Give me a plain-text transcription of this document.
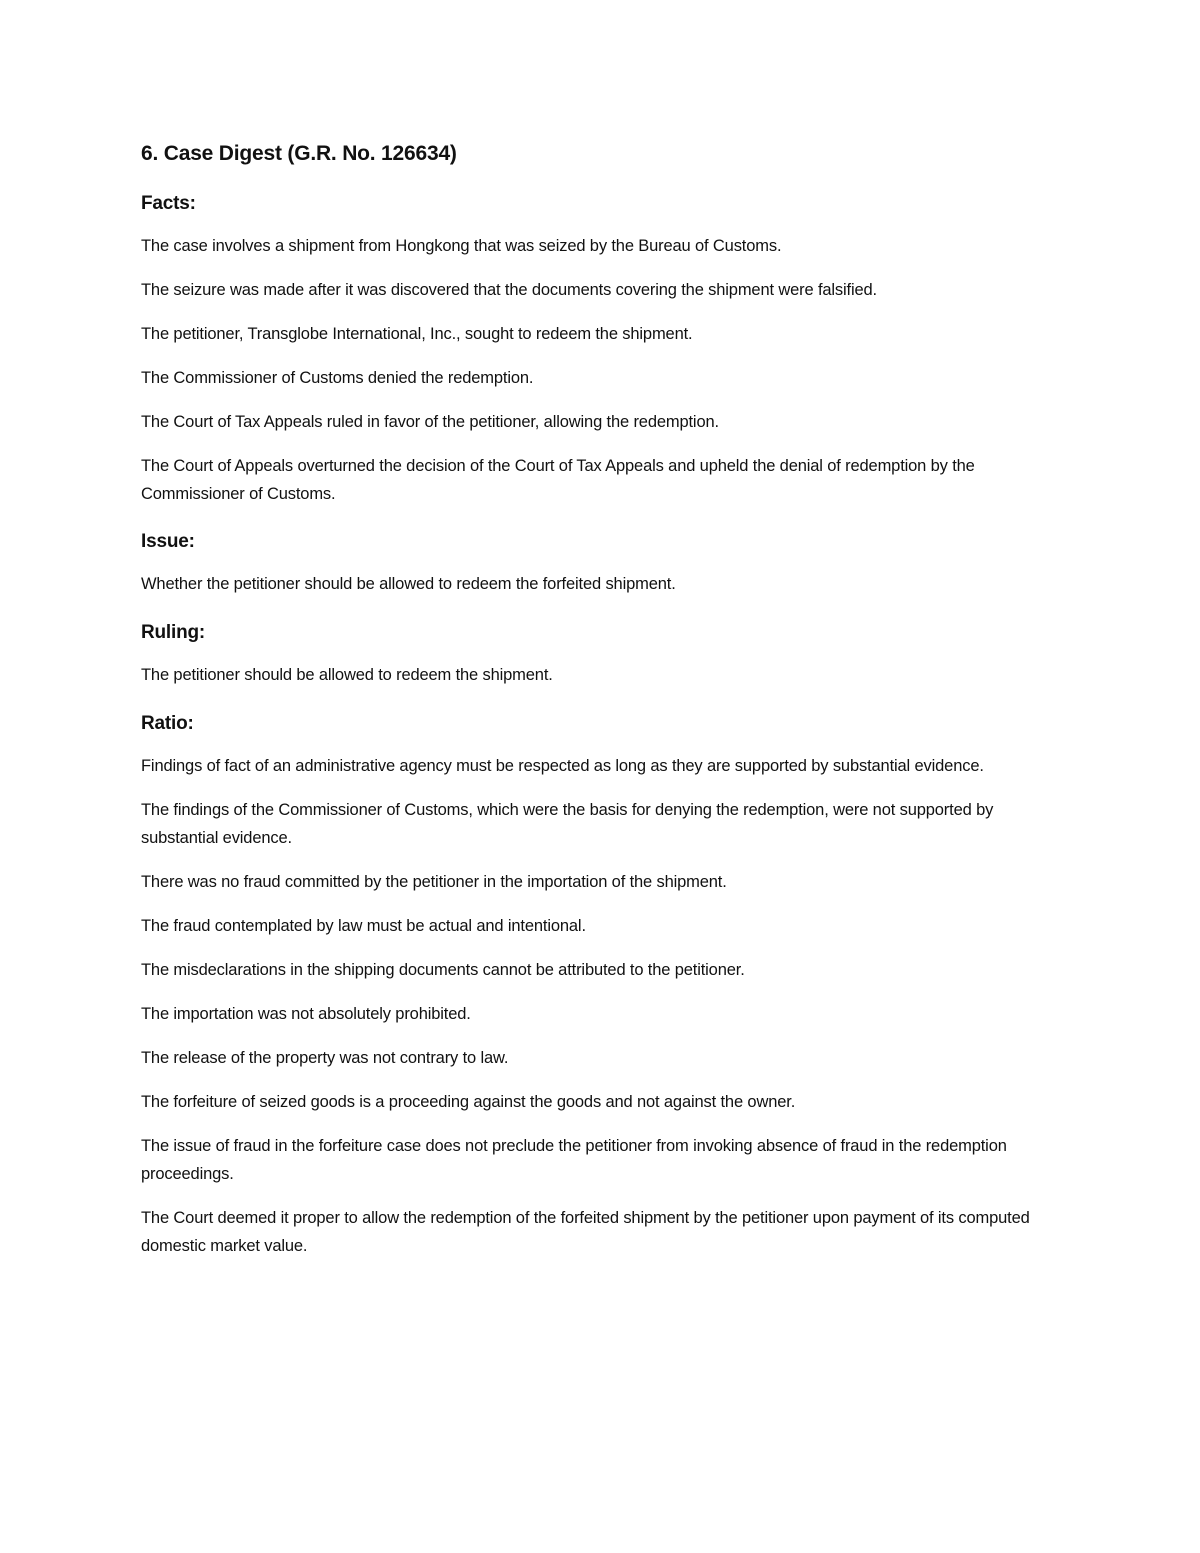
6. Case Digest (G.R. No. 126634)
Facts:

The case involves a shipment from Hongkong that was seized by the Bureau of Customs.

The seizure was made after it was discovered that the documents covering the shipment were falsified.

The petitioner, Transglobe International, Inc., sought to redeem the shipment.

The Commissioner of Customs denied the redemption.

The Court of Tax Appeals ruled in favor of the petitioner, allowing the redemption.

The Court of Appeals overturned the decision of the Court of Tax Appeals and upheld the denial of redemption by the Commissioner of Customs.

Issue:

Whether the petitioner should be allowed to redeem the forfeited shipment.

Ruling:

The petitioner should be allowed to redeem the shipment.

Ratio:

Findings of fact of an administrative agency must be respected as long as they are supported by substantial evidence.

The findings of the Commissioner of Customs, which were the basis for denying the redemption, were not supported by substantial evidence.

There was no fraud committed by the petitioner in the importation of the shipment.

The fraud contemplated by law must be actual and intentional.

The misdeclarations in the shipping documents cannot be attributed to the petitioner.

The importation was not absolutely prohibited.

The release of the property was not contrary to law.

The forfeiture of seized goods is a proceeding against the goods and not against the owner.

The issue of fraud in the forfeiture case does not preclude the petitioner from invoking absence of fraud in the redemption proceedings.

The Court deemed it proper to allow the redemption of the forfeited shipment by the petitioner upon payment of its computed domestic market value.
